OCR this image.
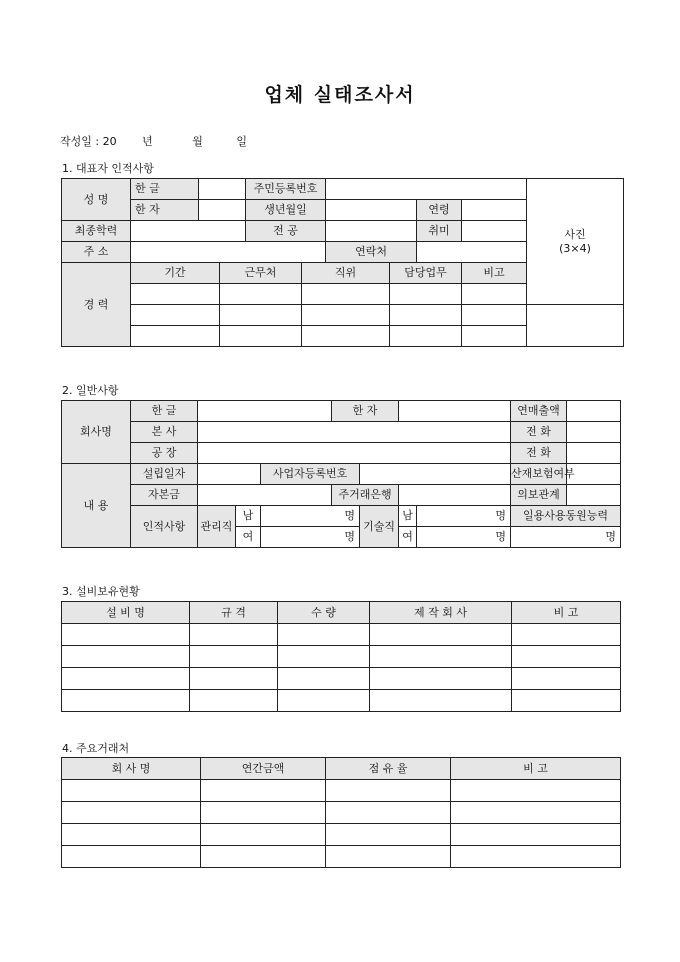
업체 실태조사서
작성일 : 20 년	월	일
1. 대표자 인적사항
성 명	한 글			주민등록번호						사진
(3×4)

	한 자			생년월일				연령		
최종학력				전 공				취미		
주 소						연락처				
경 력	기간		근무처		직위		담당업무		비고	

2. 일반사항
회사명	한 글				한 자				연매출액	
	본 사								전 화	
	공 장								전 화	
내 용	설립일자			사업자등록번호					산재보험여부	
	자본금				주거래은행				의보관계	
	인적사항	관리직	남	명		기술직	남	명	일용사용동원능력	
			여	명			여	명	명	
3. 설비보유현황
설 비 명	규 격	수 량	제 작 회 사	비 고

4. 주요거래처
회 사 명	연간금액	점 유 율	비 고
